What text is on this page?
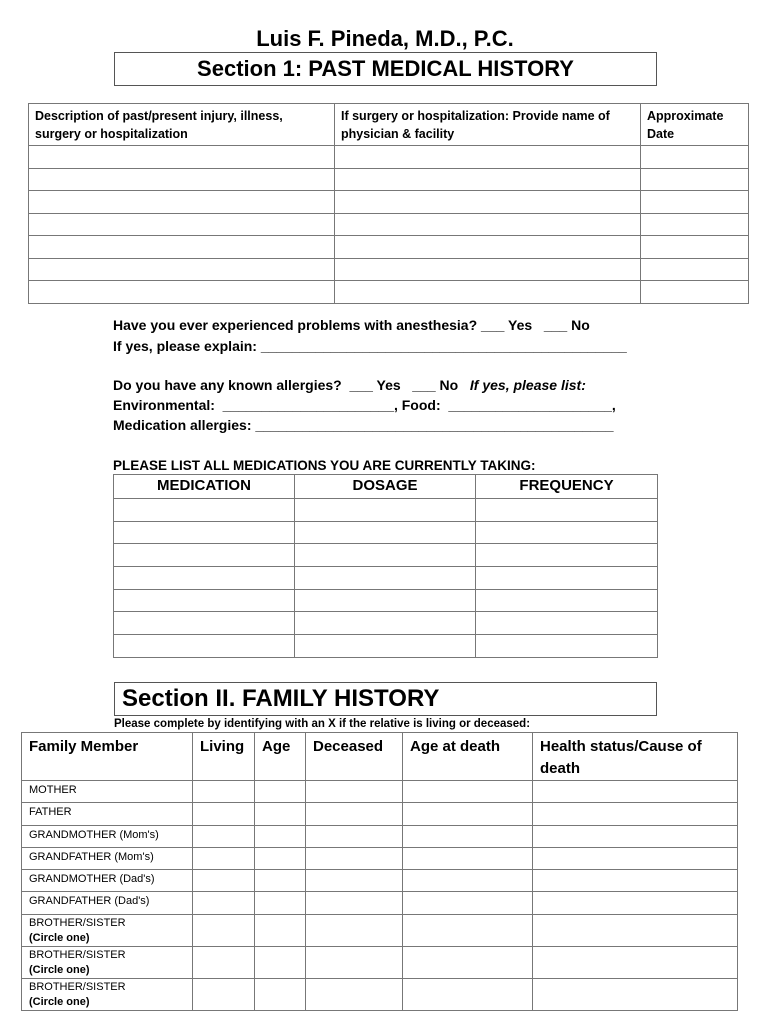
Luis F. Pineda, M.D., P.C.
Section 1: PAST MEDICAL HISTORY
Description of past/present injury, illness, surgery or hospitalization	If surgery or hospitalization: Provide name of physician & facility	Approximate Date

Have you ever experienced problems with anesthesia? ___ Yes   ___ No
If yes, please explain: _______________________________________________
Do you have any known allergies?  ___ Yes   ___ No If yes, please list:
Environmental:  ______________________, Food:  _____________________,
Medication allergies: ______________________________________________
PLEASE LIST ALL MEDICATIONS YOU ARE CURRENTLY TAKING:
MEDICATION	DOSAGE	FREQUENCY

Section II. FAMILY HISTORY
Please complete by identifying with an X if the relative is living or deceased:
Family Member	Living	Age	Deceased	Age at death	Health status/Cause of death
MOTHER					
FATHER					
GRANDMOTHER (Mom's)					
GRANDFATHER (Mom's)					
GRANDMOTHER (Dad's)					
GRANDFATHER (Dad's)					
BROTHER/SISTER
(Circle one)					

BROTHER/SISTER
(Circle one)					

BROTHER/SISTER
(Circle one)					
